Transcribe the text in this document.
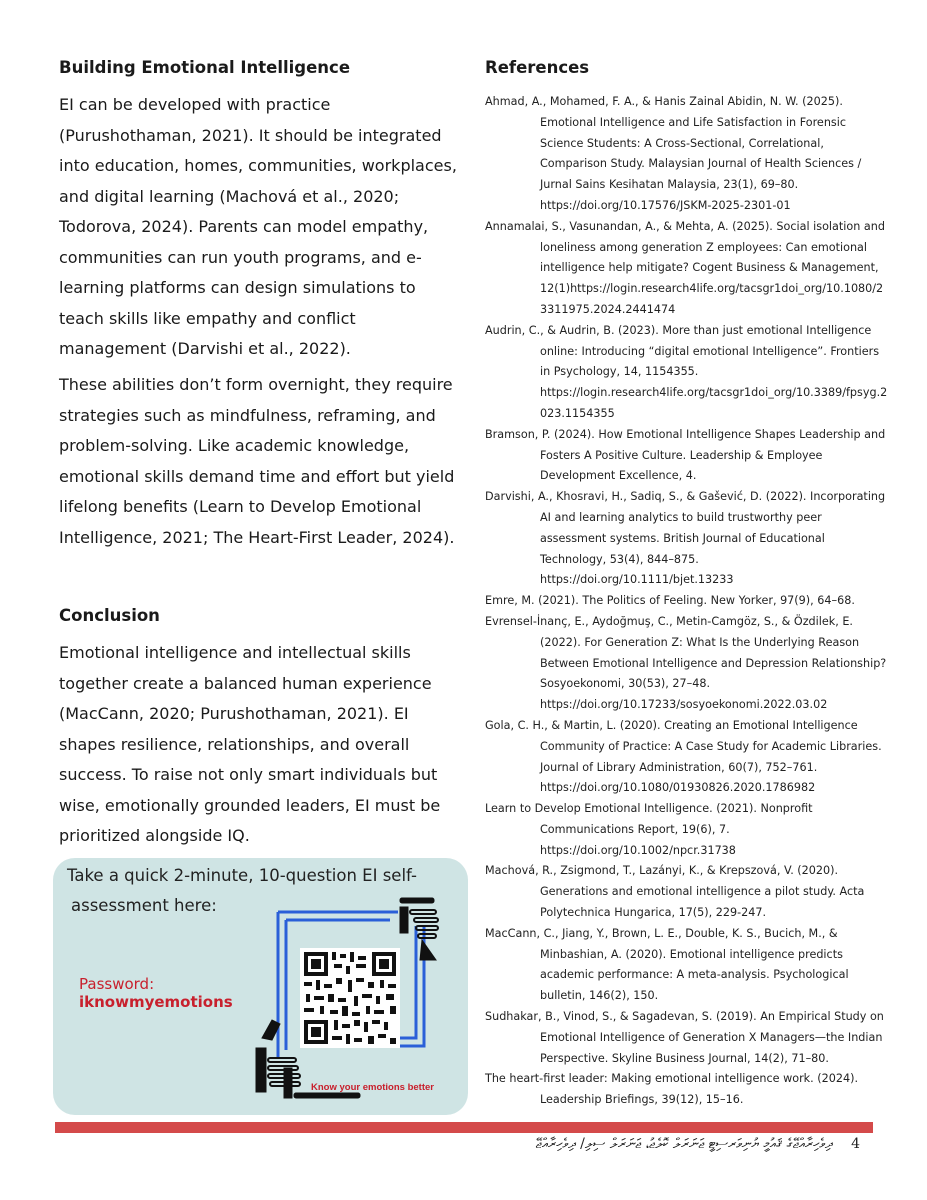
Building Emotional Intelligence

EI can be developed with practice (Purushothaman, 2021). It should be integrated into education, homes, communities, workplaces, and digital learning (Machová et al., 2020; Todorova, 2024). Parents can model empathy, communities can run youth programs, and e-learning platforms can design simulations to teach skills like empathy and conflict management (Darvishi et al., 2022).

These abilities don’t form overnight, they require strategies such as mindfulness, reframing, and problem-solving. Like academic knowledge, emotional skills demand time and effort but yield lifelong benefits (Learn to Develop Emotional Intelligence, 2021; The Heart-First Leader, 2024).

Conclusion

Emotional intelligence and intellectual skills together create a balanced human experience (MacCann, 2020; Purushothaman, 2021). EI shapes resilience, relationships, and overall success. To raise not only smart individuals but wise, emotionally grounded leaders, EI must be prioritized alongside IQ.

Take a quick 2-minute, 10-question EI self-
assessment here:
Password:
iknowmyemotions
Know your emotions better
References
Ahmad, A., Mohamed, F. A., & Hanis Zainal Abidin, N. W. (2025). Emotional Intelligence and Life Satisfaction in Forensic Science Students: A Cross-Sectional, Correlational, Comparison Study. Malaysian Journal of Health Sciences / Jurnal Sains Kesihatan Malaysia, 23(1), 69–80. https://doi.org/10.17576/JSKM-2025-2301-01
Annamalai, S., Vasunandan, A., & Mehta, A. (2025). Social isolation and loneliness among generation Z employees: Can emotional intelligence help mitigate? Cogent Business & Management, 12(1)https://login.research4life.org/tacsgr1doi_org/10.1080/23311975.2024.2441474
Audrin, C., & Audrin, B. (2023). More than just emotional Intelligence online: Introducing “digital emotional Intelligence”. Frontiers in Psychology, 14, 1154355. https://login.research4life.org/tacsgr1doi_org/10.3389/fpsyg.2023.1154355
Bramson, P. (2024). How Emotional Intelligence Shapes Leadership and Fosters A Positive Culture. Leadership & Employee Development Excellence, 4.
Darvishi, A., Khosravi, H., Sadiq, S., & Gašević, D. (2022). Incorporating AI and learning analytics to build trustworthy peer assessment systems. British Journal of Educational Technology, 53(4), 844–875. https://doi.org/10.1111/bjet.13233
Emre, M. (2021). The Politics of Feeling. New Yorker, 97(9), 64–68.
Evrensel-İnanç, E., Aydoğmuş, C., Metin-Camgöz, S., & Özdilek, E. (2022). For Generation Z: What Is the Underlying Reason Between Emotional Intelligence and Depression Relationship? Sosyoekonomi, 30(53), 27–48. https://doi.org/10.17233/sosyoekonomi.2022.03.02
Gola, C. H., & Martin, L. (2020). Creating an Emotional Intelligence Community of Practice: A Case Study for Academic Libraries. Journal of Library Administration, 60(7), 752–761. https://doi.org/10.1080/01930826.2020.1786982
Learn to Develop Emotional Intelligence. (2021). Nonprofit Communications Report, 19(6), 7. https://doi.org/10.1002/npcr.31738
Machová, R., Zsigmond, T., Lazányi, K., & Krepszová, V. (2020). Generations and emotional intelligence a pilot study. Acta Polytechnica Hungarica, 17(5), 229-247.
MacCann, C., Jiang, Y., Brown, L. E., Double, K. S., Bucich, M., & Minbashian, A. (2020). Emotional intelligence predicts academic performance: A meta-analysis. Psychological bulletin, 146(2), 150.
Sudhakar, B., Vinod, S., & Sagadevan, S. (2019). An Empirical Study on Emotional Intelligence of Generation X Managers—the Indian Perspective. Skyline Business Journal, 14(2), 71–80.
The heart-first leader: Making emotional intelligence work. (2024). Leadership Briefings, 39(12), 15–16.
ދިވެހިރާއްޖޭގެ ޤައުމީ ޔުނިވަރސިޓީ ޖަނަރަލް ކޮލެޖު، ޖަނަރަލް ސިލި/ ދިވެހިރާއްޖޭ 4
